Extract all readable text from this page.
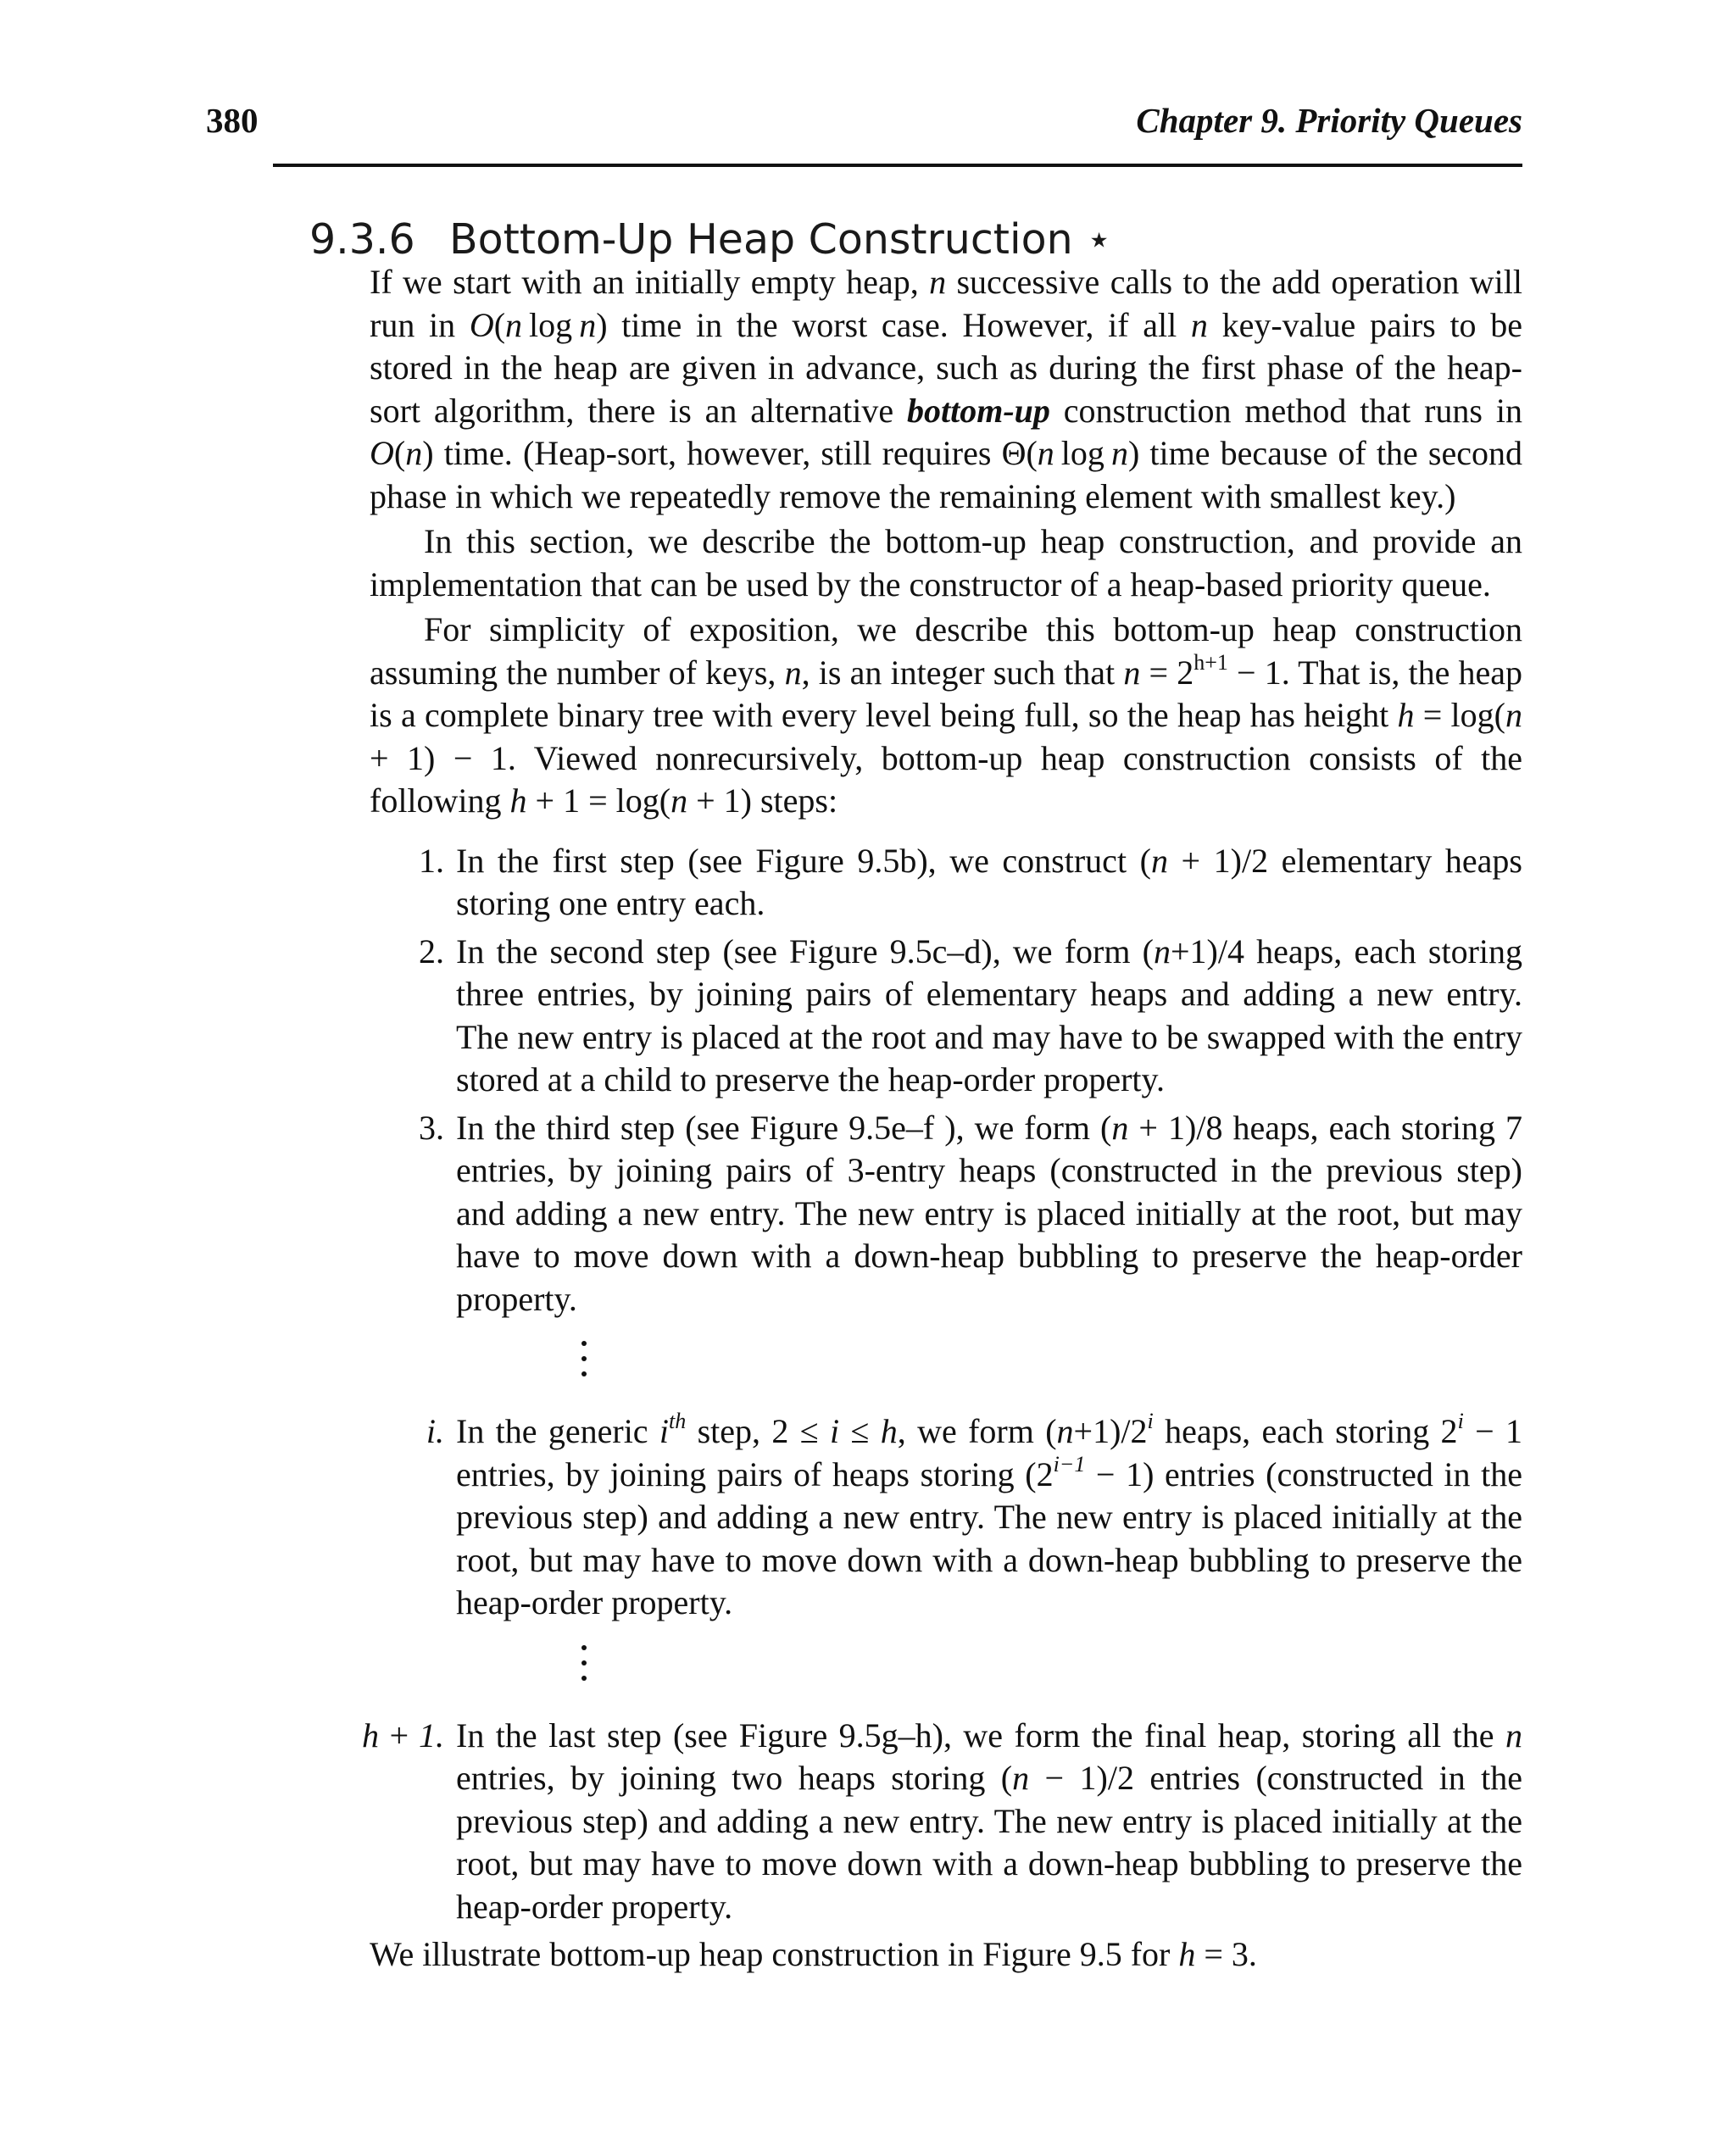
380	Chapter 9. Priority Queues
9.3.6 Bottom-Up Heap Construction ⋆

If we start with an initially empty heap, n successive calls to the add operation will run in O(n log n) time in the worst case. However, if all n key-value pairs to be stored in the heap are given in advance, such as during the first phase of the heap-sort algorithm, there is an alternative bottom-up construction method that runs in O(n) time. (Heap-sort, however, still requires Θ(n log n) time because of the second phase in which we repeatedly remove the remaining element with smallest key.)

In this section, we describe the bottom-up heap construction, and provide an implementation that can be used by the constructor of a heap-based priority queue.

For simplicity of exposition, we describe this bottom-up heap construction assuming the number of keys, n, is an integer such that $n = 2^{h+1} - 1$. That is, the heap is a complete binary tree with every level being full, so the heap has height h = log(n + 1) − 1. Viewed nonrecursively, bottom-up heap construction consists of the following h + 1 = log(n + 1) steps:

1. In the first step (see Figure 9.5b), we construct (n + 1)/2 elementary heaps storing one entry each.
2. In the second step (see Figure 9.5c–d), we form (n+1)/4 heaps, each storing three entries, by joining pairs of elementary heaps and adding a new entry. The new entry is placed at the root and may have to be swapped with the entry stored at a child to preserve the heap-order property.
3. In the third step (see Figure 9.5e–f ), we form (n + 1)/8 heaps, each storing 7 entries, by joining pairs of 3-entry heaps (constructed in the previous step) and adding a new entry. The new entry is placed initially at the root, but may have to move down with a down-heap bubbling to preserve the heap-order property.
i. In the generic $i^{th}$ step, 2 ≤ i ≤ h, we form $(n+1)/2^i$ heaps, each storing $2^i - 1$ entries, by joining pairs of heaps storing $(2^{i-1} - 1)$ entries (constructed in the previous step) and adding a new entry. The new entry is placed initially at the root, but may have to move down with a down-heap bubbling to preserve the heap-order property.
h + 1. In the last step (see Figure 9.5g–h), we form the final heap, storing all the n entries, by joining two heaps storing (n − 1)/2 entries (constructed in the previous step) and adding a new entry. The new entry is placed initially at the root, but may have to move down with a down-heap bubbling to preserve the heap-order property.

We illustrate bottom-up heap construction in Figure 9.5 for h = 3.
